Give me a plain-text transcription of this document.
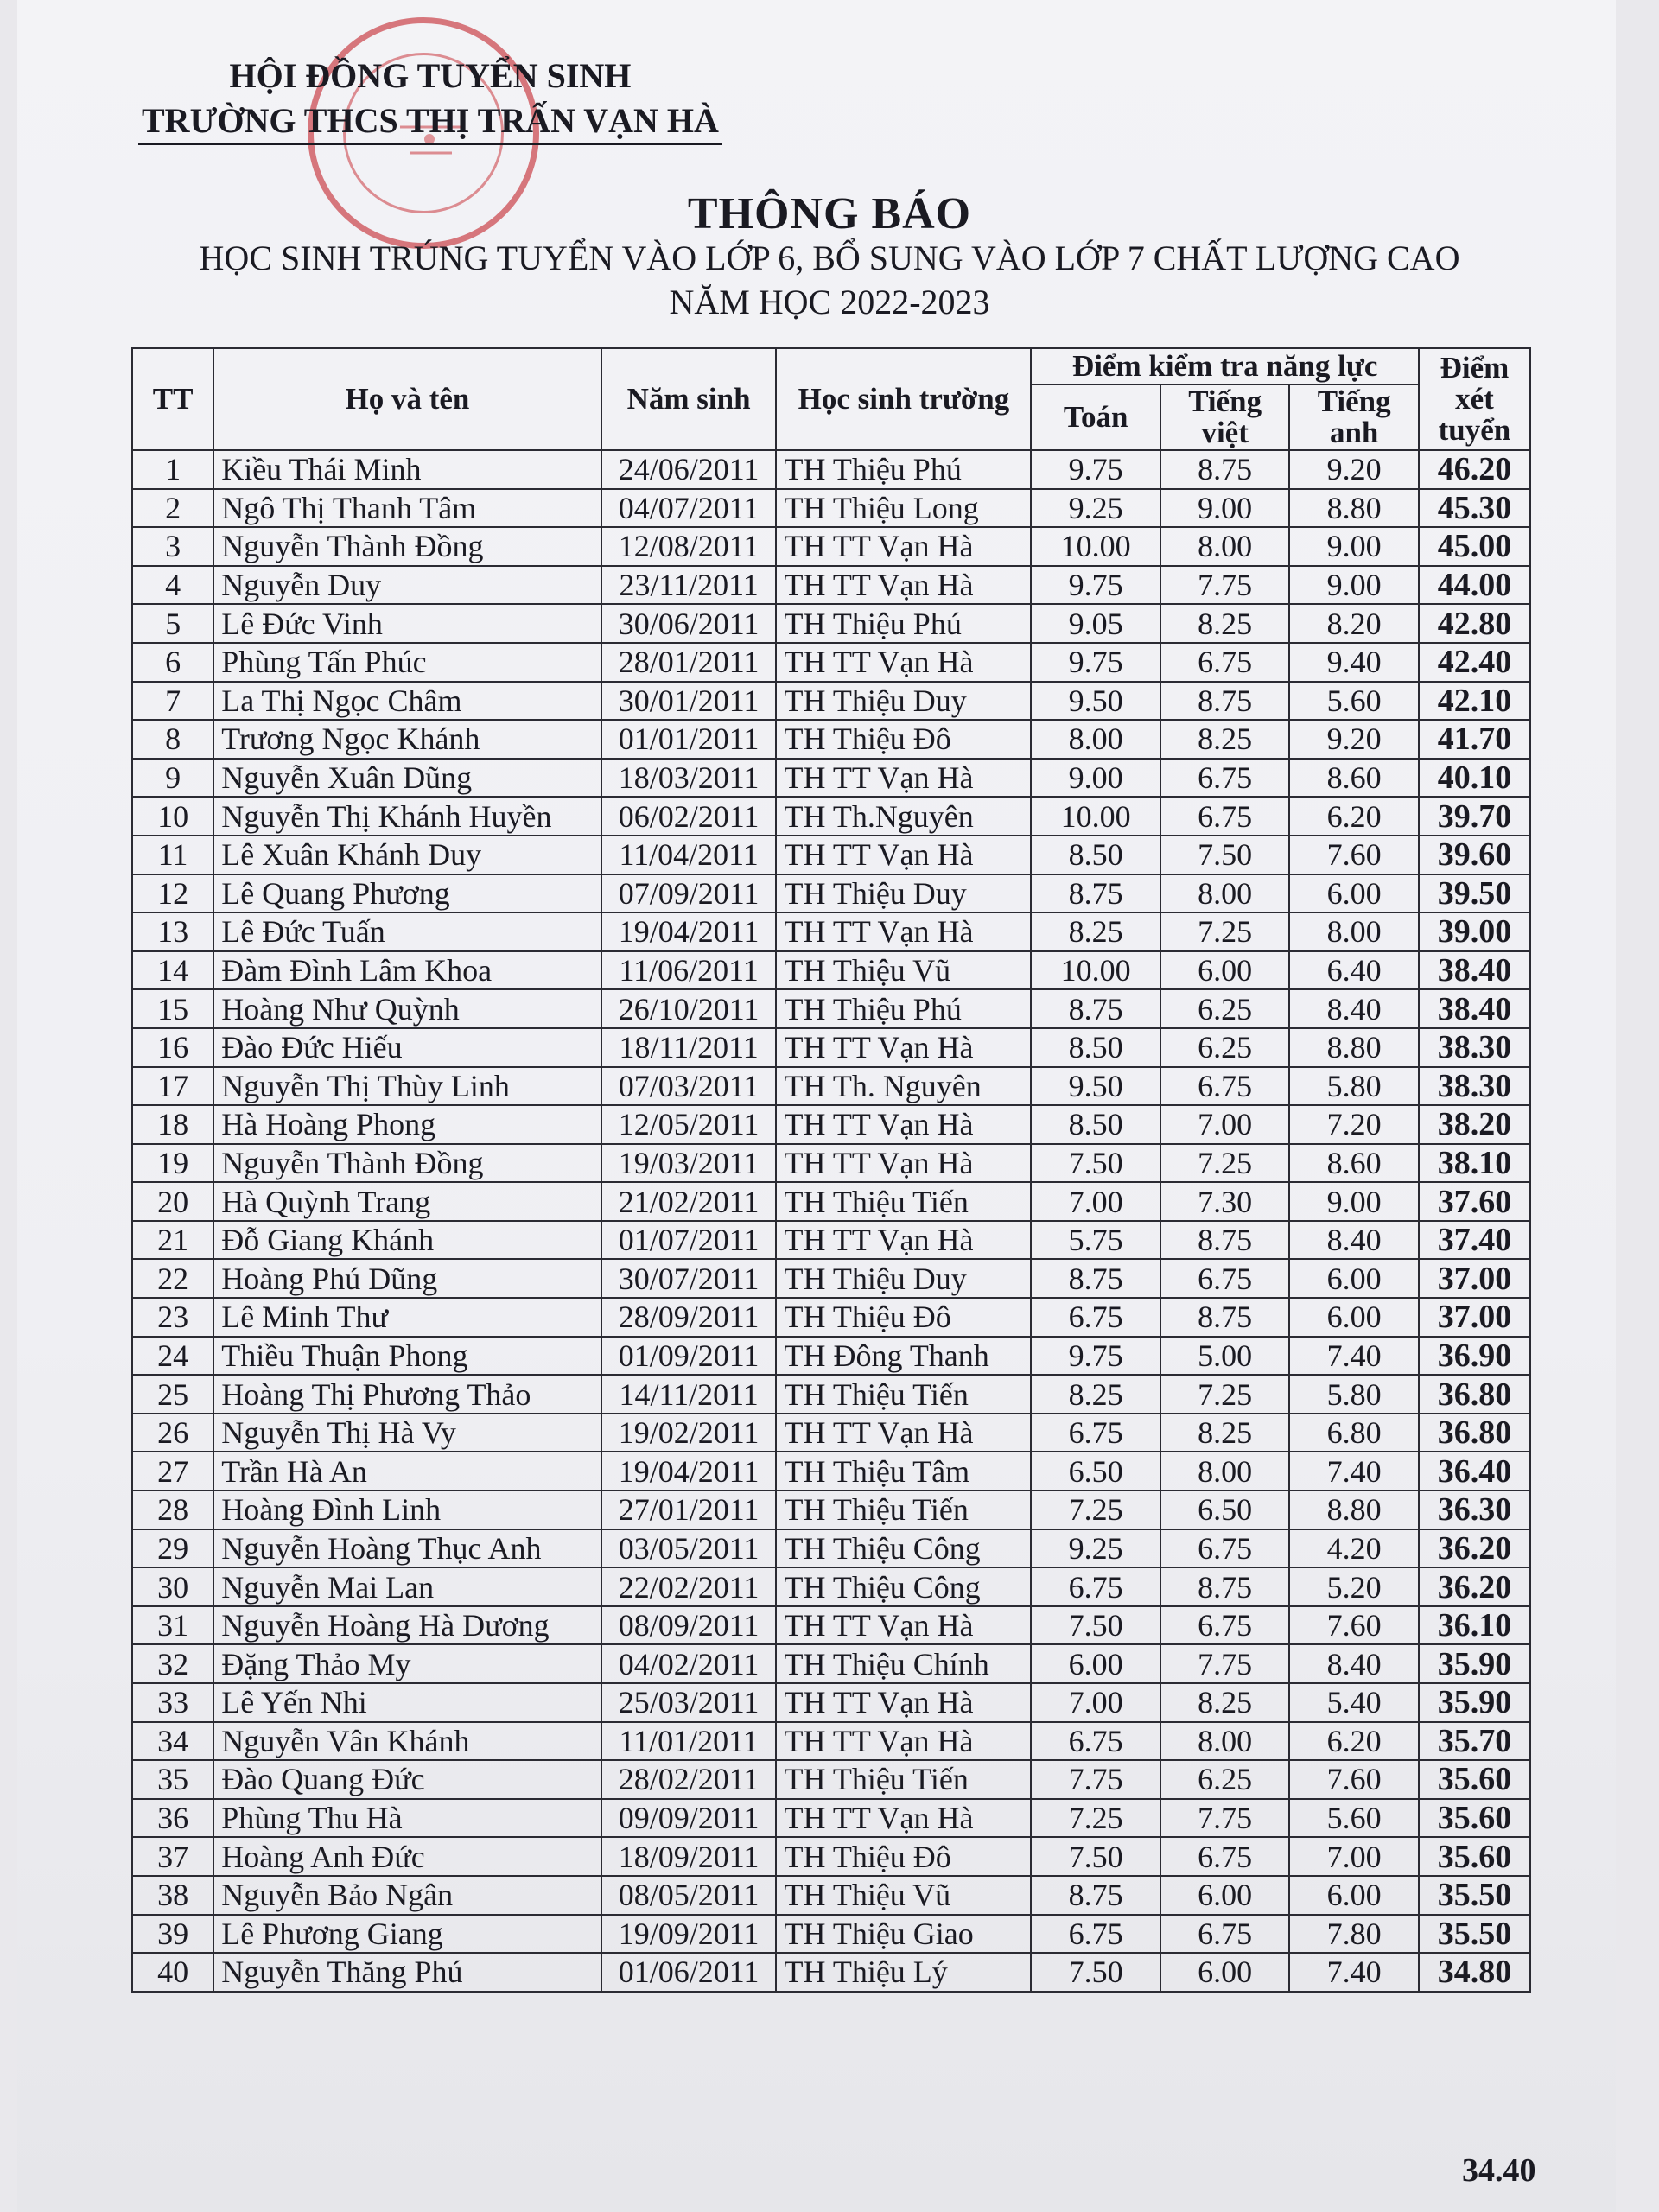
HỘI ĐỒNG TUYỂN SINH
TRƯỜNG THCS THỊ TRẤN VẠN HÀ
THÔNG BÁO
HỌC SINH TRÚNG TUYỂN VÀO LỚP 6, BỔ SUNG VÀO LỚP 7 CHẤT LƯỢNG CAO
NĂM HỌC 2022-2023
TT	Họ và tên	Năm sinh	Học sinh trường	Điểm kiểm tra năng lực			Điểm xét tuyển
				Toán	Tiếng việt	Tiếng anh	
1	Kiều Thái Minh	24/06/2011	TH Thiệu Phú	9.75	8.75	9.20	46.20
2	Ngô Thị Thanh Tâm	04/07/2011	TH Thiệu Long	9.25	9.00	8.80	45.30
3	Nguyễn Thành Đồng	12/08/2011	TH TT Vạn Hà	10.00	8.00	9.00	45.00
4	Nguyễn Duy	23/11/2011	TH TT Vạn Hà	9.75	7.75	9.00	44.00
5	Lê Đức Vinh	30/06/2011	TH Thiệu Phú	9.05	8.25	8.20	42.80
6	Phùng Tấn Phúc	28/01/2011	TH TT Vạn Hà	9.75	6.75	9.40	42.40
7	La Thị Ngọc Châm	30/01/2011	TH Thiệu Duy	9.50	8.75	5.60	42.10
8	Trương Ngọc Khánh	01/01/2011	TH Thiệu Đô	8.00	8.25	9.20	41.70
9	Nguyễn Xuân Dũng	18/03/2011	TH TT Vạn Hà	9.00	6.75	8.60	40.10
10	Nguyễn Thị Khánh Huyền	06/02/2011	TH Th.Nguyên	10.00	6.75	6.20	39.70
11	Lê Xuân Khánh Duy	11/04/2011	TH TT Vạn Hà	8.50	7.50	7.60	39.60
12	Lê Quang Phương	07/09/2011	TH Thiệu Duy	8.75	8.00	6.00	39.50
13	Lê Đức Tuấn	19/04/2011	TH TT Vạn Hà	8.25	7.25	8.00	39.00
14	Đàm Đình Lâm Khoa	11/06/2011	TH Thiệu Vũ	10.00	6.00	6.40	38.40
15	Hoàng Như Quỳnh	26/10/2011	TH Thiệu Phú	8.75	6.25	8.40	38.40
16	Đào Đức Hiếu	18/11/2011	TH TT Vạn Hà	8.50	6.25	8.80	38.30
17	Nguyễn Thị Thùy Linh	07/03/2011	TH Th. Nguyên	9.50	6.75	5.80	38.30
18	Hà Hoàng Phong	12/05/2011	TH TT Vạn Hà	8.50	7.00	7.20	38.20
19	Nguyễn Thành Đồng	19/03/2011	TH TT Vạn Hà	7.50	7.25	8.60	38.10
20	Hà Quỳnh Trang	21/02/2011	TH Thiệu Tiến	7.00	7.30	9.00	37.60
21	Đỗ Giang Khánh	01/07/2011	TH TT Vạn Hà	5.75	8.75	8.40	37.40
22	Hoàng Phú Dũng	30/07/2011	TH Thiệu Duy	8.75	6.75	6.00	37.00
23	Lê Minh Thư	28/09/2011	TH Thiệu Đô	6.75	8.75	6.00	37.00
24	Thiều Thuận Phong	01/09/2011	TH Đông Thanh	9.75	5.00	7.40	36.90
25	Hoàng Thị Phương Thảo	14/11/2011	TH Thiệu Tiến	8.25	7.25	5.80	36.80
26	Nguyễn Thị Hà Vy	19/02/2011	TH TT Vạn Hà	6.75	8.25	6.80	36.80
27	Trần Hà An	19/04/2011	TH Thiệu Tâm	6.50	8.00	7.40	36.40
28	Hoàng Đình Linh	27/01/2011	TH Thiệu Tiến	7.25	6.50	8.80	36.30
29	Nguyễn Hoàng Thục Anh	03/05/2011	TH Thiệu Công	9.25	6.75	4.20	36.20
30	Nguyễn Mai Lan	22/02/2011	TH Thiệu Công	6.75	8.75	5.20	36.20
31	Nguyễn Hoàng Hà Dương	08/09/2011	TH TT Vạn Hà	7.50	6.75	7.60	36.10
32	Đặng Thảo My	04/02/2011	TH Thiệu Chính	6.00	7.75	8.40	35.90
33	Lê Yến Nhi	25/03/2011	TH TT Vạn Hà	7.00	8.25	5.40	35.90
34	Nguyễn Vân Khánh	11/01/2011	TH TT Vạn Hà	6.75	8.00	6.20	35.70
35	Đào Quang Đức	28/02/2011	TH Thiệu Tiến	7.75	6.25	7.60	35.60
36	Phùng Thu Hà	09/09/2011	TH TT Vạn Hà	7.25	7.75	5.60	35.60
37	Hoàng Anh Đức	18/09/2011	TH Thiệu Đô	7.50	6.75	7.00	35.60
38	Nguyễn Bảo Ngân	08/05/2011	TH Thiệu Vũ	8.75	6.00	6.00	35.50
39	Lê Phương Giang	19/09/2011	TH Thiệu Giao	6.75	6.75	7.80	35.50
40	Nguyễn Thăng Phú	01/06/2011	TH Thiệu Lý	7.50	6.00	7.40	34.80
34.40
